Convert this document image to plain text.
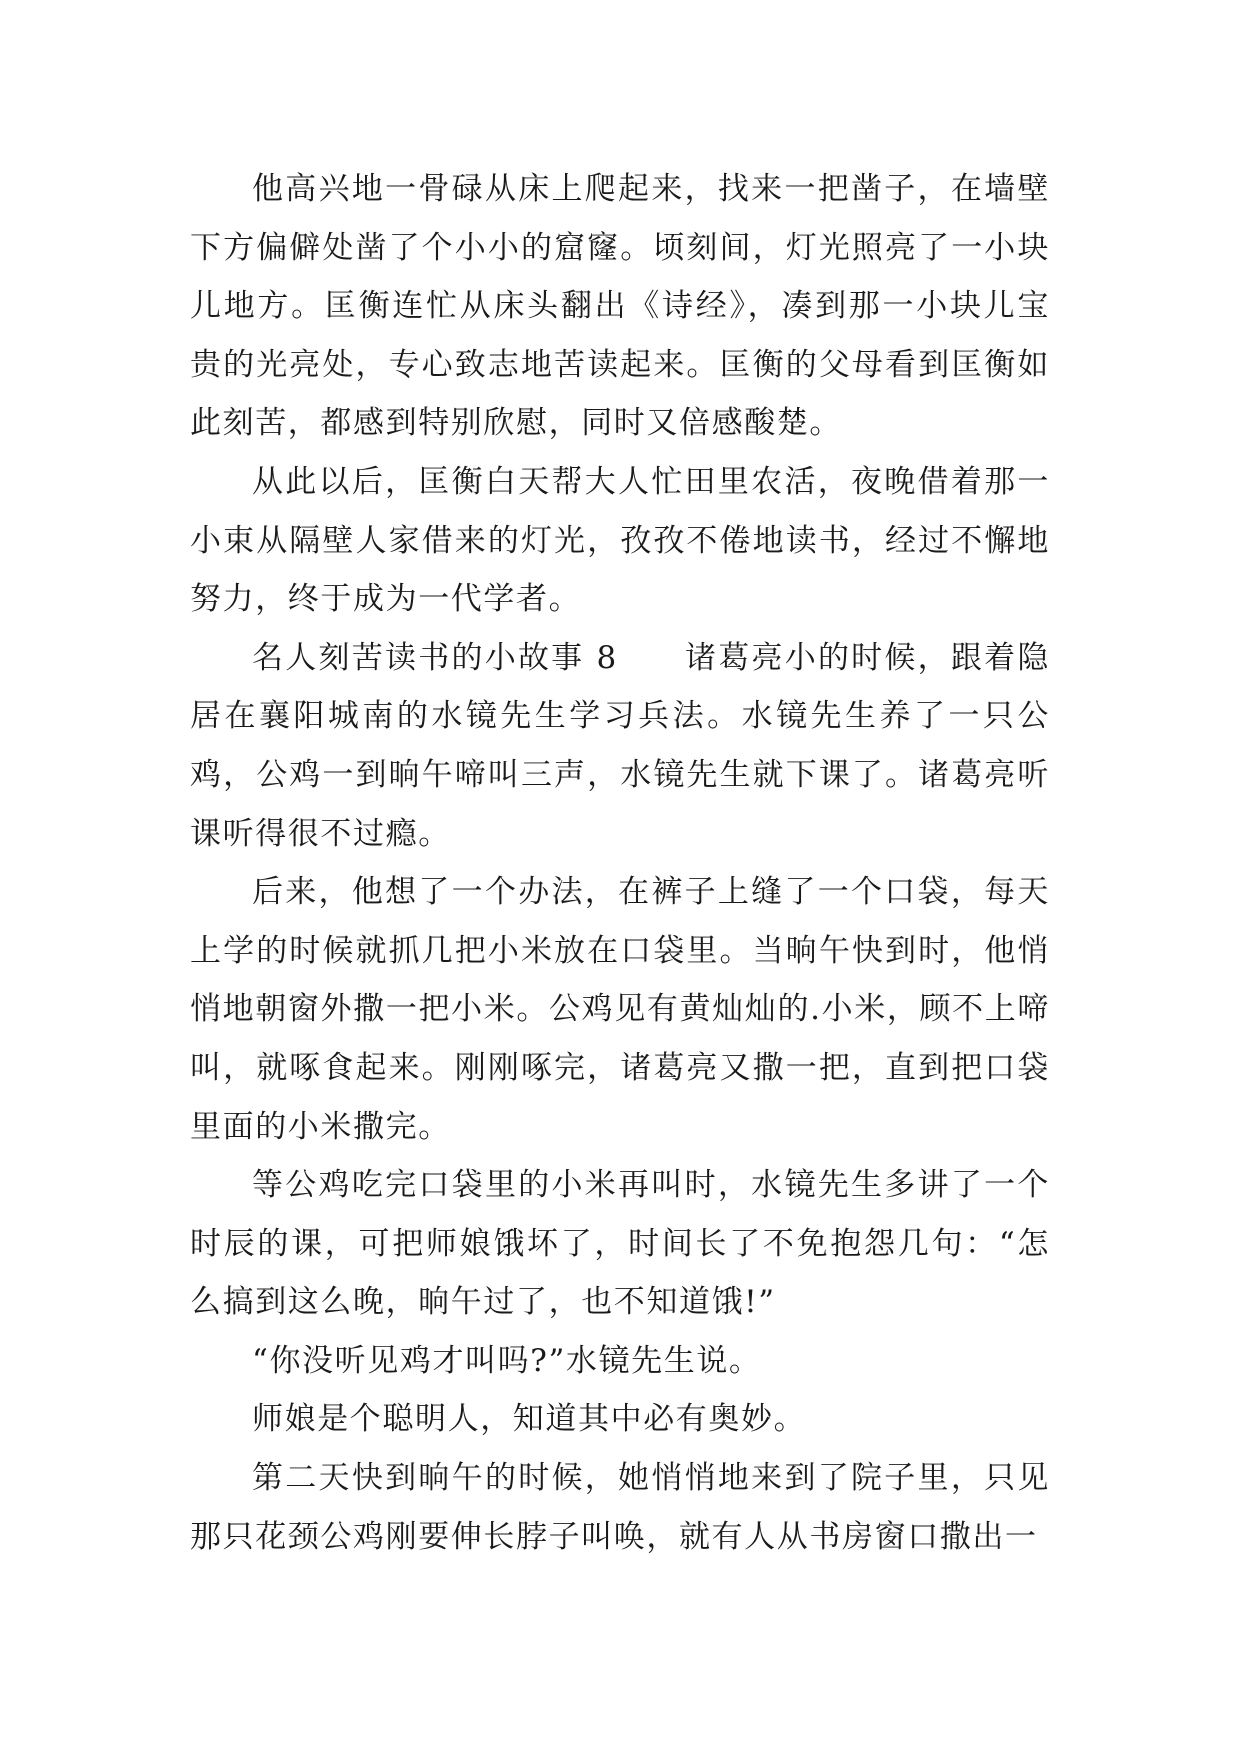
他高兴地一骨碌从床上爬起来，找来一把凿子，在墙壁下方偏僻处凿了个小小的窟窿。顷刻间，灯光照亮了一小块儿地方。匡衡连忙从床头翻出《诗经》，凑到那一小块儿宝贵的光亮处，专心致志地苦读起来。匡衡的父母看到匡衡如此刻苦，都感到特别欣慰，同时又倍感酸楚。

从此以后，匡衡白天帮大人忙田里农活，夜晚借着那一小束从隔壁人家借来的灯光，孜孜不倦地读书，经过不懈地努力，终于成为一代学者。

名人刻苦读书的小故事 8　　诸葛亮小的时候，跟着隐居在襄阳城南的水镜先生学习兵法。水镜先生养了一只公鸡，公鸡一到晌午啼叫三声，水镜先生就下课了。诸葛亮听课听得很不过瘾。

后来，他想了一个办法，在裤子上缝了一个口袋，每天上学的时候就抓几把小米放在口袋里。当晌午快到时，他悄悄地朝窗外撒一把小米。公鸡见有黄灿灿的.小米，顾不上啼叫，就啄食起来。刚刚啄完，诸葛亮又撒一把，直到把口袋里面的小米撒完。

等公鸡吃完口袋里的小米再叫时，水镜先生多讲了一个时辰的课，可把师娘饿坏了，时间长了不免抱怨几句：“怎么搞到这么晚，晌午过了，也不知道饿!”

“你没听见鸡才叫吗?”水镜先生说。

师娘是个聪明人，知道其中必有奥妙。

第二天快到晌午的时候，她悄悄地来到了院子里，只见那只花颈公鸡刚要伸长脖子叫唤，就有人从书房窗口撒出一
